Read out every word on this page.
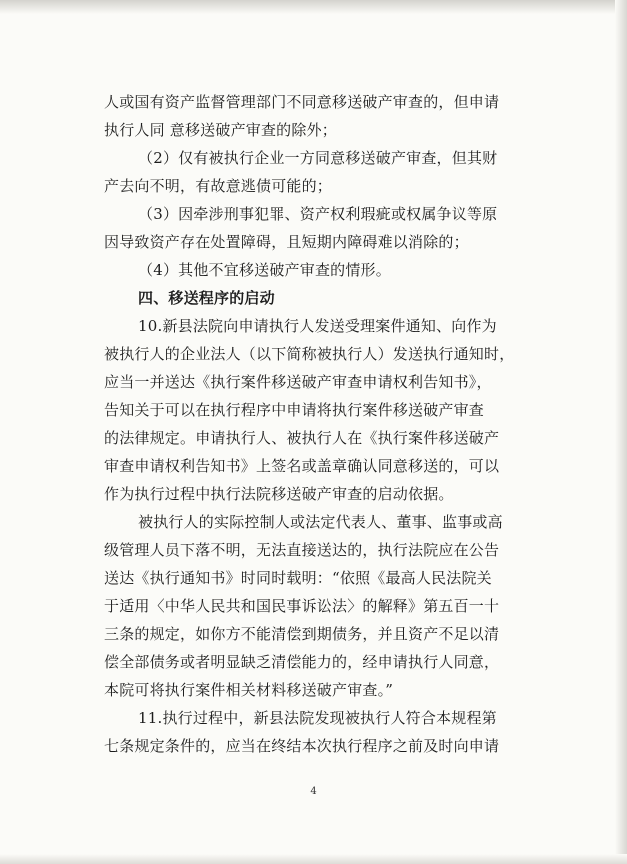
人或国有资产监督管理部门不同意移送破产审查的，但申请
执行人同 意移送破产审查的除外；
（2）仅有被执行企业一方同意移送破产审查，但其财
产去向不明，有故意逃债可能的；
（3）因牵涉刑事犯罪、资产权利瑕疵或权属争议等原
因导致资产存在处置障碍，且短期内障碍难以消除的；
（4）其他不宜移送破产审查的情形。
四、移送程序的启动
10.新县法院向申请执行人发送受理案件通知、向作为
被执行人的企业法人（以下简称被执行人）发送执行通知时，
应当一并送达《执行案件移送破产审查申请权利告知书》，
告知关于可以在执行程序中申请将执行案件移送破产审查
的法律规定。申请执行人、被执行人在《执行案件移送破产
审查申请权利告知书》上签名或盖章确认同意移送的，可以
作为执行过程中执行法院移送破产审查的启动依据。
被执行人的实际控制人或法定代表人、董事、监事或高
级管理人员下落不明，无法直接送达的，执行法院应在公告
送达《执行通知书》时同时载明：“依照《最高人民法院关
于适用〈中华人民共和国民事诉讼法〉的解释》第五百一十
三条的规定，如你方不能清偿到期债务，并且资产不足以清
偿全部债务或者明显缺乏清偿能力的，经申请执行人同意，
本院可将执行案件相关材料移送破产审查。”
11.执行过程中，新县法院发现被执行人符合本规程第
七条规定条件的，应当在终结本次执行程序之前及时向申请
4
